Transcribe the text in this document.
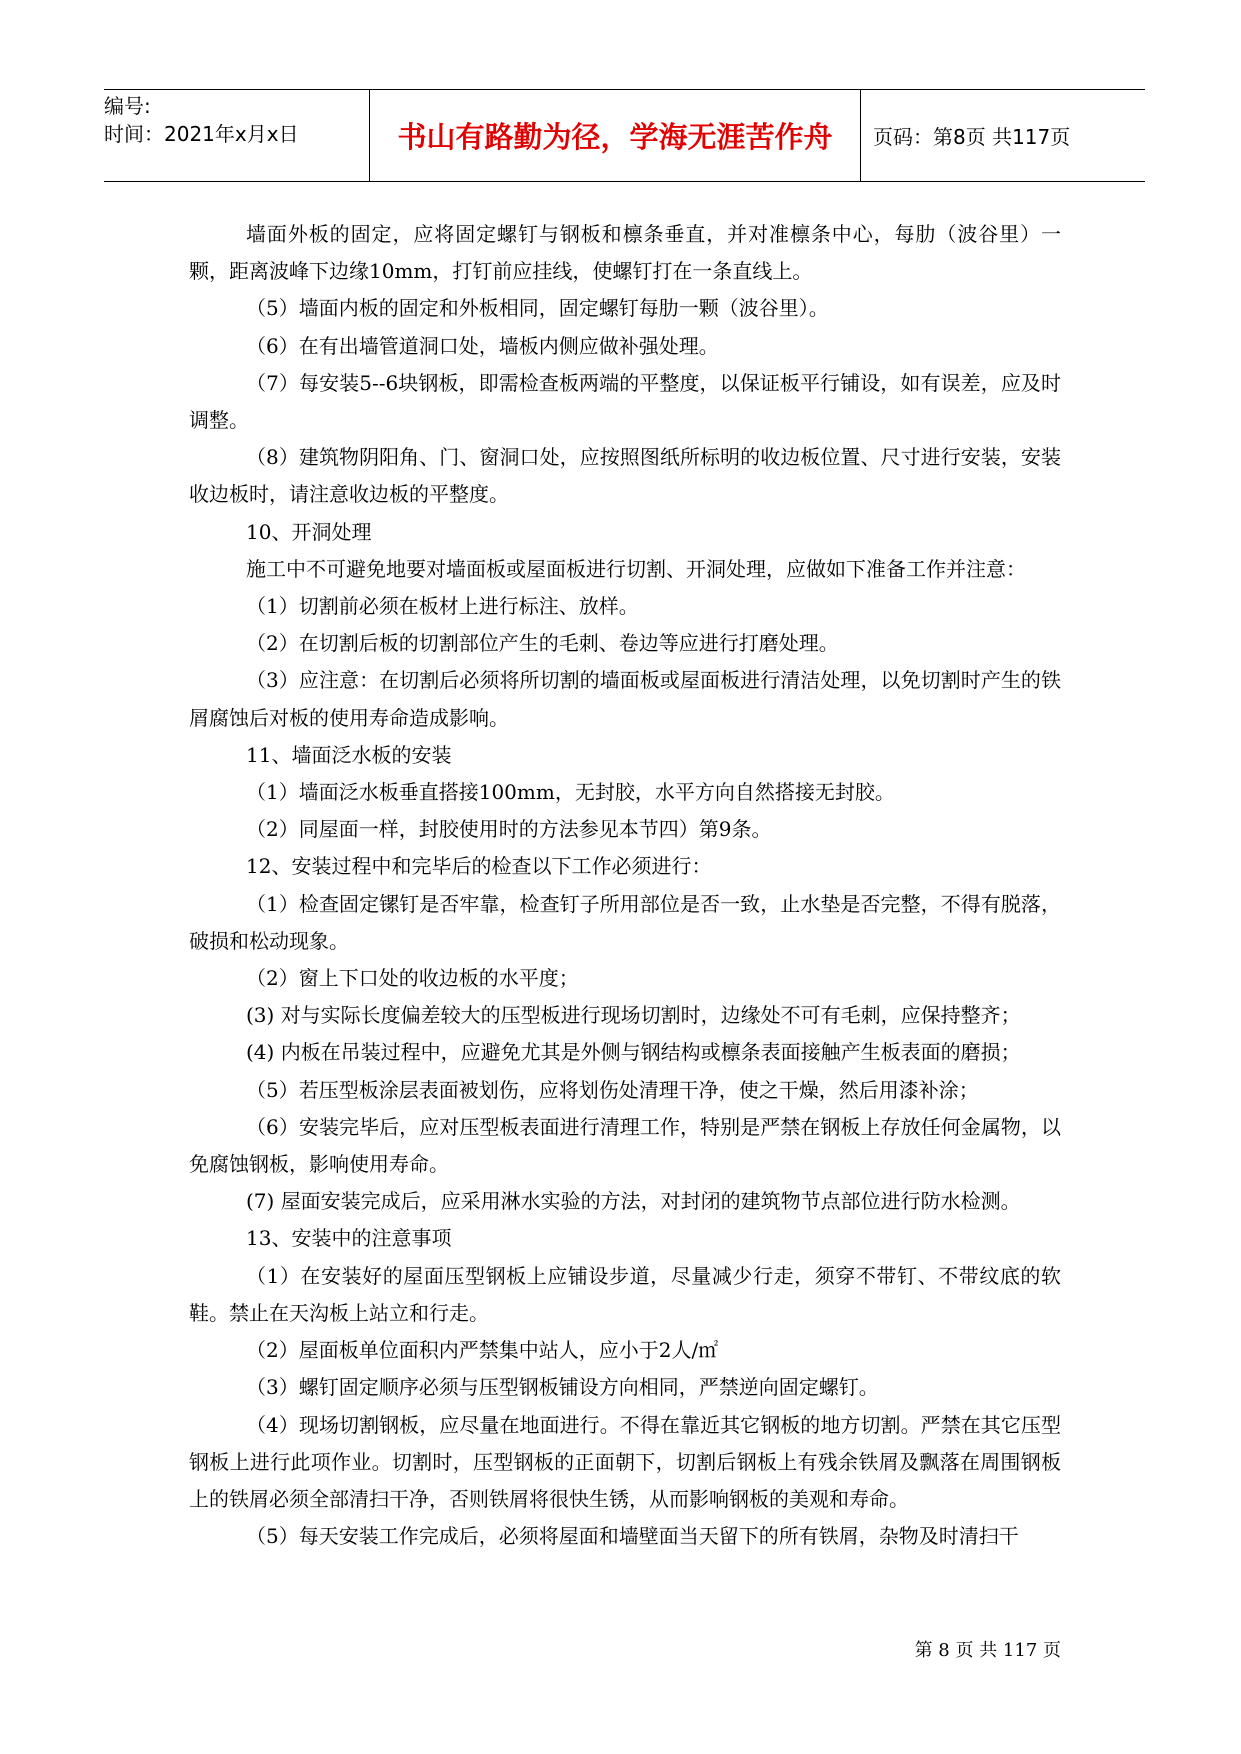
编号:
时间：2021年x月x日	书山有路勤为径，学海无涯苦作舟	页码：第8页 共117页

墙面外板的固定，应将固定螺钉与钢板和檩条垂直，并对准檩条中心，每肋（波谷里）一颗，距离波峰下边缘10mm，打钉前应挂线，使螺钉打在一条直线上。

（5）墙面内板的固定和外板相同，固定螺钉每肋一颗（波谷里）。

（6）在有出墙管道洞口处，墙板内侧应做补强处理。

（7）每安装5--6块钢板，即需检查板两端的平整度，以保证板平行铺设，如有误差，应及时调整。

（8）建筑物阴阳角、门、窗洞口处，应按照图纸所标明的收边板位置、尺寸进行安装，安装收边板时，请注意收边板的平整度。

10、开洞处理

施工中不可避免地要对墙面板或屋面板进行切割、开洞处理，应做如下准备工作并注意：

（1）切割前必须在板材上进行标注、放样。

（2）在切割后板的切割部位产生的毛刺、卷边等应进行打磨处理。

（3）应注意：在切割后必须将所切割的墙面板或屋面板进行清洁处理，以免切割时产生的铁屑腐蚀后对板的使用寿命造成影响。

11、墙面泛水板的安装

（1）墙面泛水板垂直搭接100mm，无封胶，水平方向自然搭接无封胶。

（2）同屋面一样，封胶使用时的方法参见本节四）第9条。

12、安装过程中和完毕后的检查以下工作必须进行：

（1）检查固定镙钉是否牢靠，检查钉子所用部位是否一致，止水垫是否完整，不得有脱落，破损和松动现象。

（2）窗上下口处的收边板的水平度；

(3) 对与实际长度偏差较大的压型板进行现场切割时，边缘处不可有毛刺，应保持整齐；

(4) 内板在吊装过程中，应避免尤其是外侧与钢结构或檩条表面接触产生板表面的磨损；

（5）若压型板涂层表面被划伤，应将划伤处清理干净，使之干燥，然后用漆补涂；

（6）安装完毕后，应对压型板表面进行清理工作，特别是严禁在钢板上存放任何金属物，以免腐蚀钢板，影响使用寿命。

(7) 屋面安装完成后，应采用淋水实验的方法，对封闭的建筑物节点部位进行防水检测。

13、安装中的注意事项

（1）在安装好的屋面压型钢板上应铺设步道，尽量减少行走，须穿不带钉、不带纹底的软鞋。禁止在天沟板上站立和行走。

（2）屋面板单位面积内严禁集中站人，应小于2人/㎡

（3）螺钉固定顺序必须与压型钢板铺设方向相同，严禁逆向固定螺钉。

（4）现场切割钢板，应尽量在地面进行。不得在靠近其它钢板的地方切割。严禁在其它压型钢板上进行此项作业。切割时，压型钢板的正面朝下，切割后钢板上有残余铁屑及飘落在周围钢板上的铁屑必须全部清扫干净，否则铁屑将很快生锈，从而影响钢板的美观和寿命。

（5）每天安装工作完成后，必须将屋面和墙壁面当天留下的所有铁屑，杂物及时清扫干

第 8 页 共 117 页
